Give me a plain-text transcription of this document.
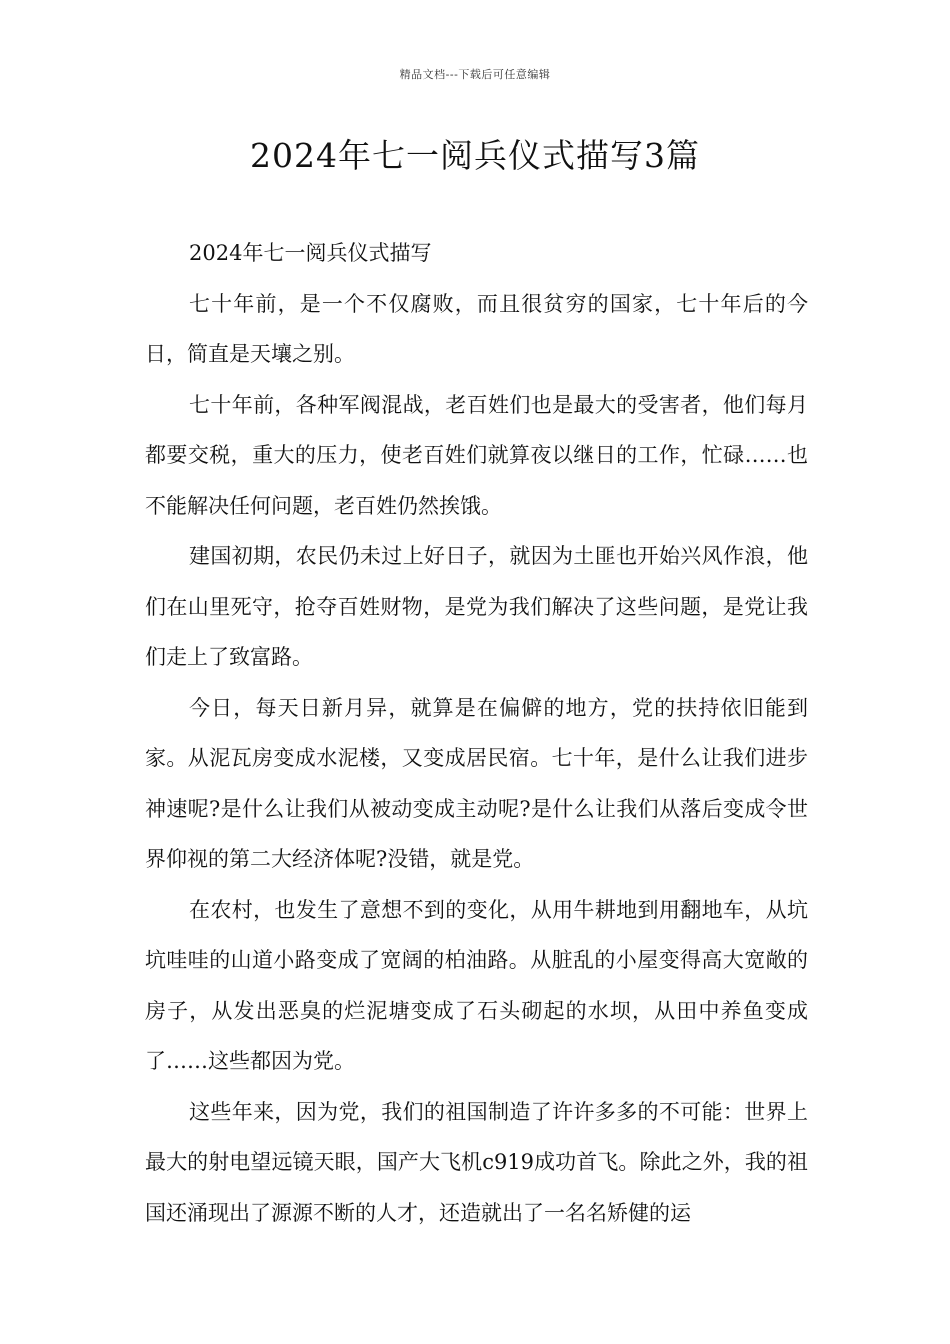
精品文档---下载后可任意编辑
2024年七一阅兵仪式描写3篇

2024年七一阅兵仪式描写

七十年前，是一个不仅腐败，而且很贫穷的国家，七十年后的今日，简直是天壤之别。

七十年前，各种军阀混战，老百姓们也是最大的受害者，他们每月都要交税，重大的压力，使老百姓们就算夜以继日的工作，忙碌……也不能解决任何问题，老百姓仍然挨饿。

建国初期，农民仍未过上好日子，就因为土匪也开始兴风作浪，他们在山里死守，抢夺百姓财物，是党为我们解决了这些问题，是党让我们走上了致富路。

今日，每天日新月异，就算是在偏僻的地方，党的扶持依旧能到家。从泥瓦房变成水泥楼，又变成居民宿。七十年，是什么让我们进步神速呢?是什么让我们从被动变成主动呢?是什么让我们从落后变成令世界仰视的第二大经济体呢?没错，就是党。

在农村，也发生了意想不到的变化，从用牛耕地到用翻地车，从坑坑哇哇的山道小路变成了宽阔的柏油路。从脏乱的小屋变得高大宽敞的房子，从发出恶臭的烂泥塘变成了石头砌起的水坝，从田中养鱼变成了……这些都因为党。

这些年来，因为党，我们的祖国制造了许许多多的不可能：世界上最大的射电望远镜天眼，国产大飞机c919成功首飞。除此之外，我的祖国还涌现出了源源不断的人才，还造就出了一名名矫健的运
